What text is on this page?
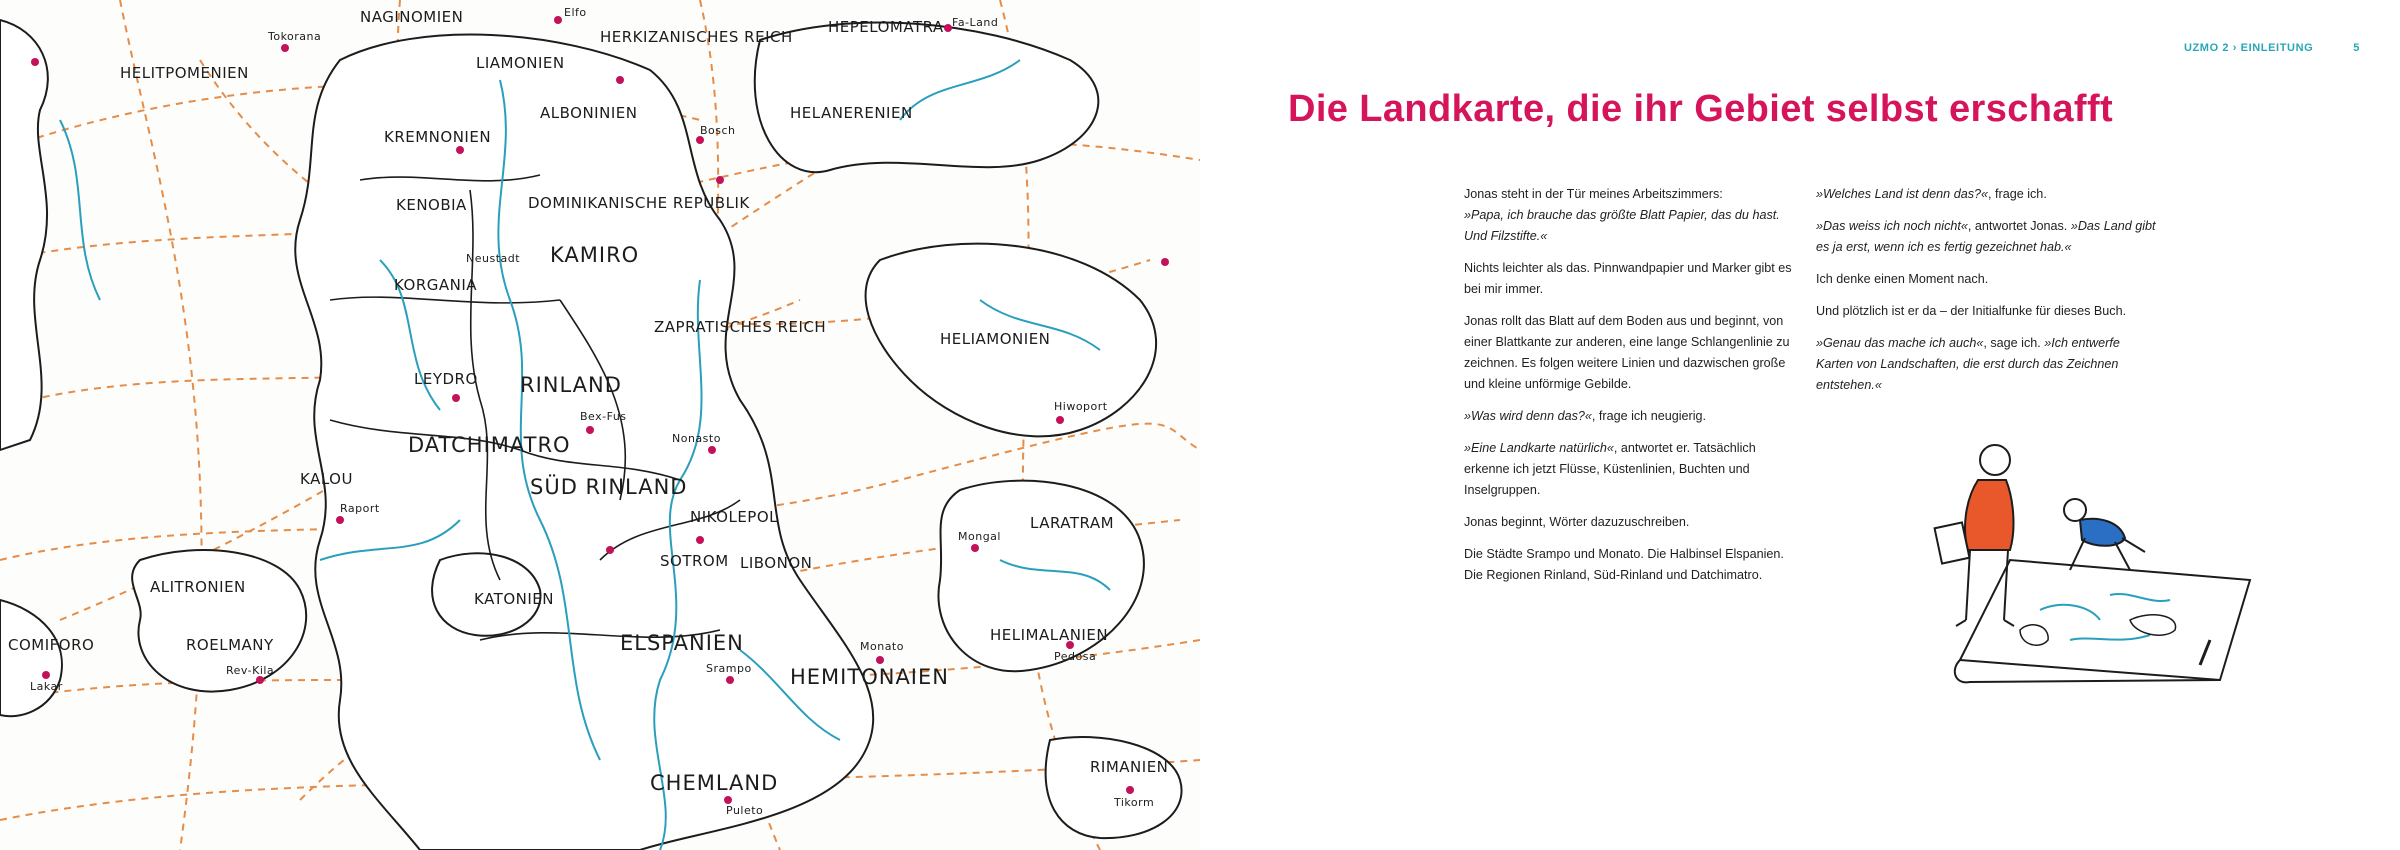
HELITPOMENIEN
NAGINOMIEN
HERKIZANISCHES REICH
HEPELOMATRA
LIAMONIEN
ALBONINIEN	HELANERENIEN
KREMNONIEN
DOMINIKANISCHE REPUBLIK
KAMIRO
KENOBIA
KORGANIA
RINLAND
ZAPRATISCHES REICH
LEYDRO
DATCHIMATRO
HELIAMONIEN
KALOU	SÜD RINLAND
NIKOLEPOL
LIBONON
LARATRAM
HELIMALANIEN
ALITRONIEN
KATONIEN
ELSPANIEN
HEMITONAIEN
ROELMANY
COMIFORO
CHEMLAND
RIMANIEN
SOTROM
Tokorana
Fa-Land
Elfo
Monato
Srampo
Puleto
Neustadt
Bex-Fus
Nonasto
Mongal
Hiwoport
Rev-Kila
Lakar
Pedosa
Raport
Bosch
Tikorm
UZMO 2 › EINLEITUNG	5
Die Landkarte, die ihr Gebiet selbst erschafft

Jonas steht in der Tür meines Arbeitszimmers:
»Papa, ich brauche das größte Blatt Papier, das du hast. Und Filzstifte.«

Nichts leichter als das. Pinnwandpapier und Marker gibt es bei mir immer.

Jonas rollt das Blatt auf dem Boden aus und beginnt, von einer Blattkante zur anderen, eine lange Schlangenlinie zu zeichnen. Es folgen weitere Linien und dazwischen große und kleine unförmige Gebilde.

»Was wird denn das?«, frage ich neugierig.

»Eine Landkarte natürlich«, antwortet er. Tatsächlich erkenne ich jetzt Flüsse, Küstenlinien, Buchten und Inselgruppen.

Jonas beginnt, Wörter dazuzuschreiben.

Die Städte Srampo und Monato. Die Halbinsel Elspanien. Die Regionen Rinland, Süd-Rinland und Datchimatro.

»Welches Land ist denn das?«, frage ich.

»Das weiss ich noch nicht«, antwortet Jonas. »Das Land gibt es ja erst, wenn ich es fertig gezeichnet hab.«

Ich denke einen Moment nach.

Und plötzlich ist er da – der Initialfunke für dieses Buch.

»Genau das mache ich auch«, sage ich. »Ich entwerfe Karten von Landschaften, die erst durch das Zeichnen entstehen.«
